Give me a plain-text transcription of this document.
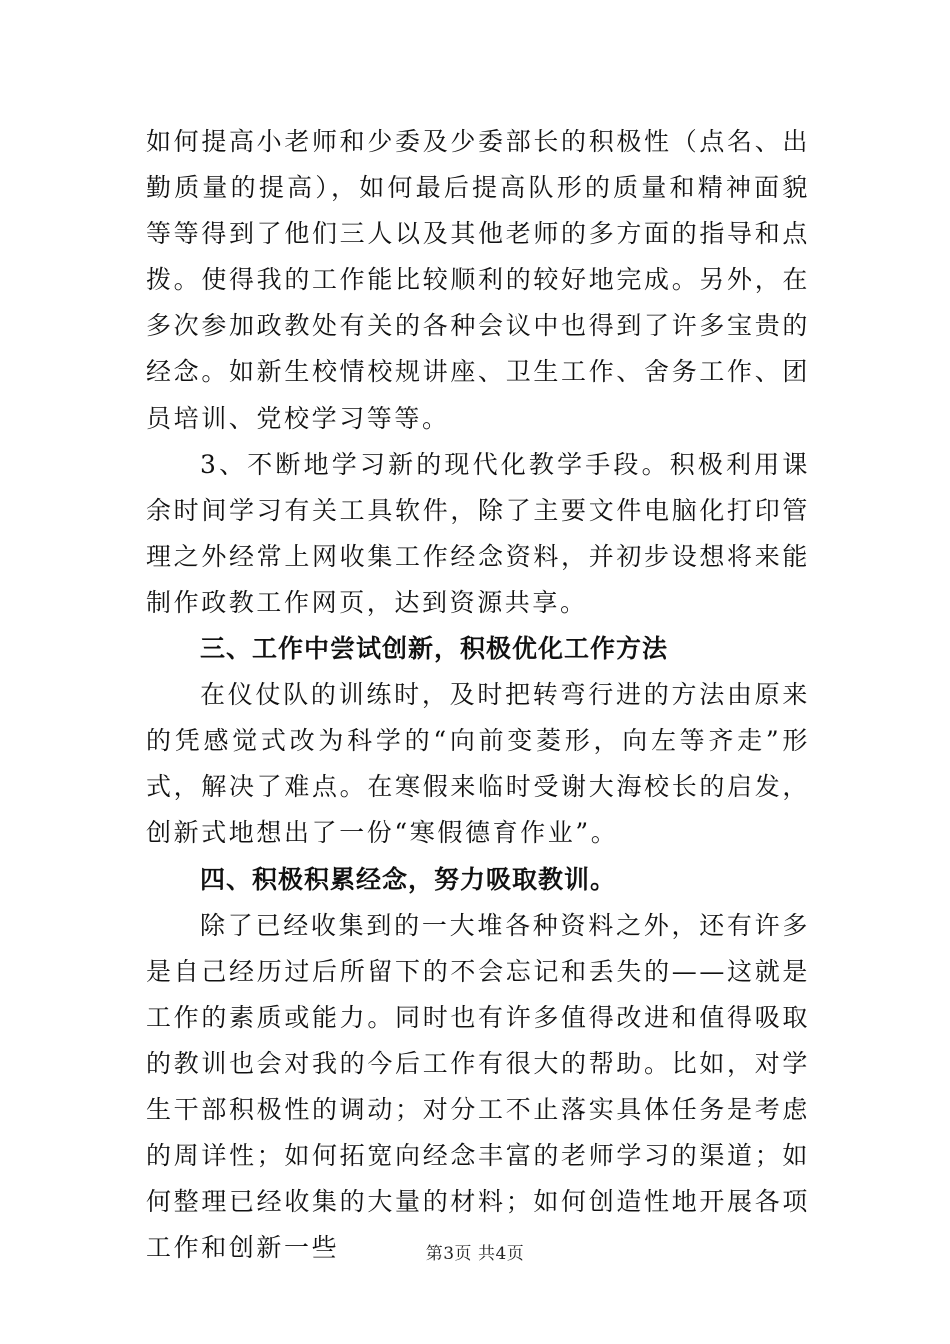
如何提高小老师和少委及少委部长的积极性（点名、出勤质量的提高），如何最后提高队形的质量和精神面貌等等得到了他们三人以及其他老师的多方面的指导和点拨。使得我的工作能比较顺利的较好地完成。另外，在多次参加政教处有关的各种会议中也得到了许多宝贵的经念。如新生校情校规讲座、卫生工作、舍务工作、团员培训、党校学习等等。

3、不断地学习新的现代化教学手段。积极利用课余时间学习有关工具软件，除了主要文件电脑化打印管理之外经常上网收集工作经念资料，并初步设想将来能制作政教工作网页，达到资源共享。

三、工作中尝试创新，积极优化工作方法

在仪仗队的训练时，及时把转弯行进的方法由原来的凭感觉式改为科学的“向前变菱形，向左等齐走”形式，解决了难点。在寒假来临时受谢大海校长的启发，创新式地想出了一份“寒假德育作业”。

四、积极积累经念，努力吸取教训。

除了已经收集到的一大堆各种资料之外，还有许多是自己经历过后所留下的不会忘记和丢失的——这就是工作的素质或能力。同时也有许多值得改进和值得吸取的教训也会对我的今后工作有很大的帮助。比如，对学生干部积极性的调动；对分工不止落实具体任务是考虑的周详性；如何拓宽向经念丰富的老师学习的渠道；如何整理已经收集的大量的材料；如何创造性地开展各项工作和创新一些	第3页 共4页
